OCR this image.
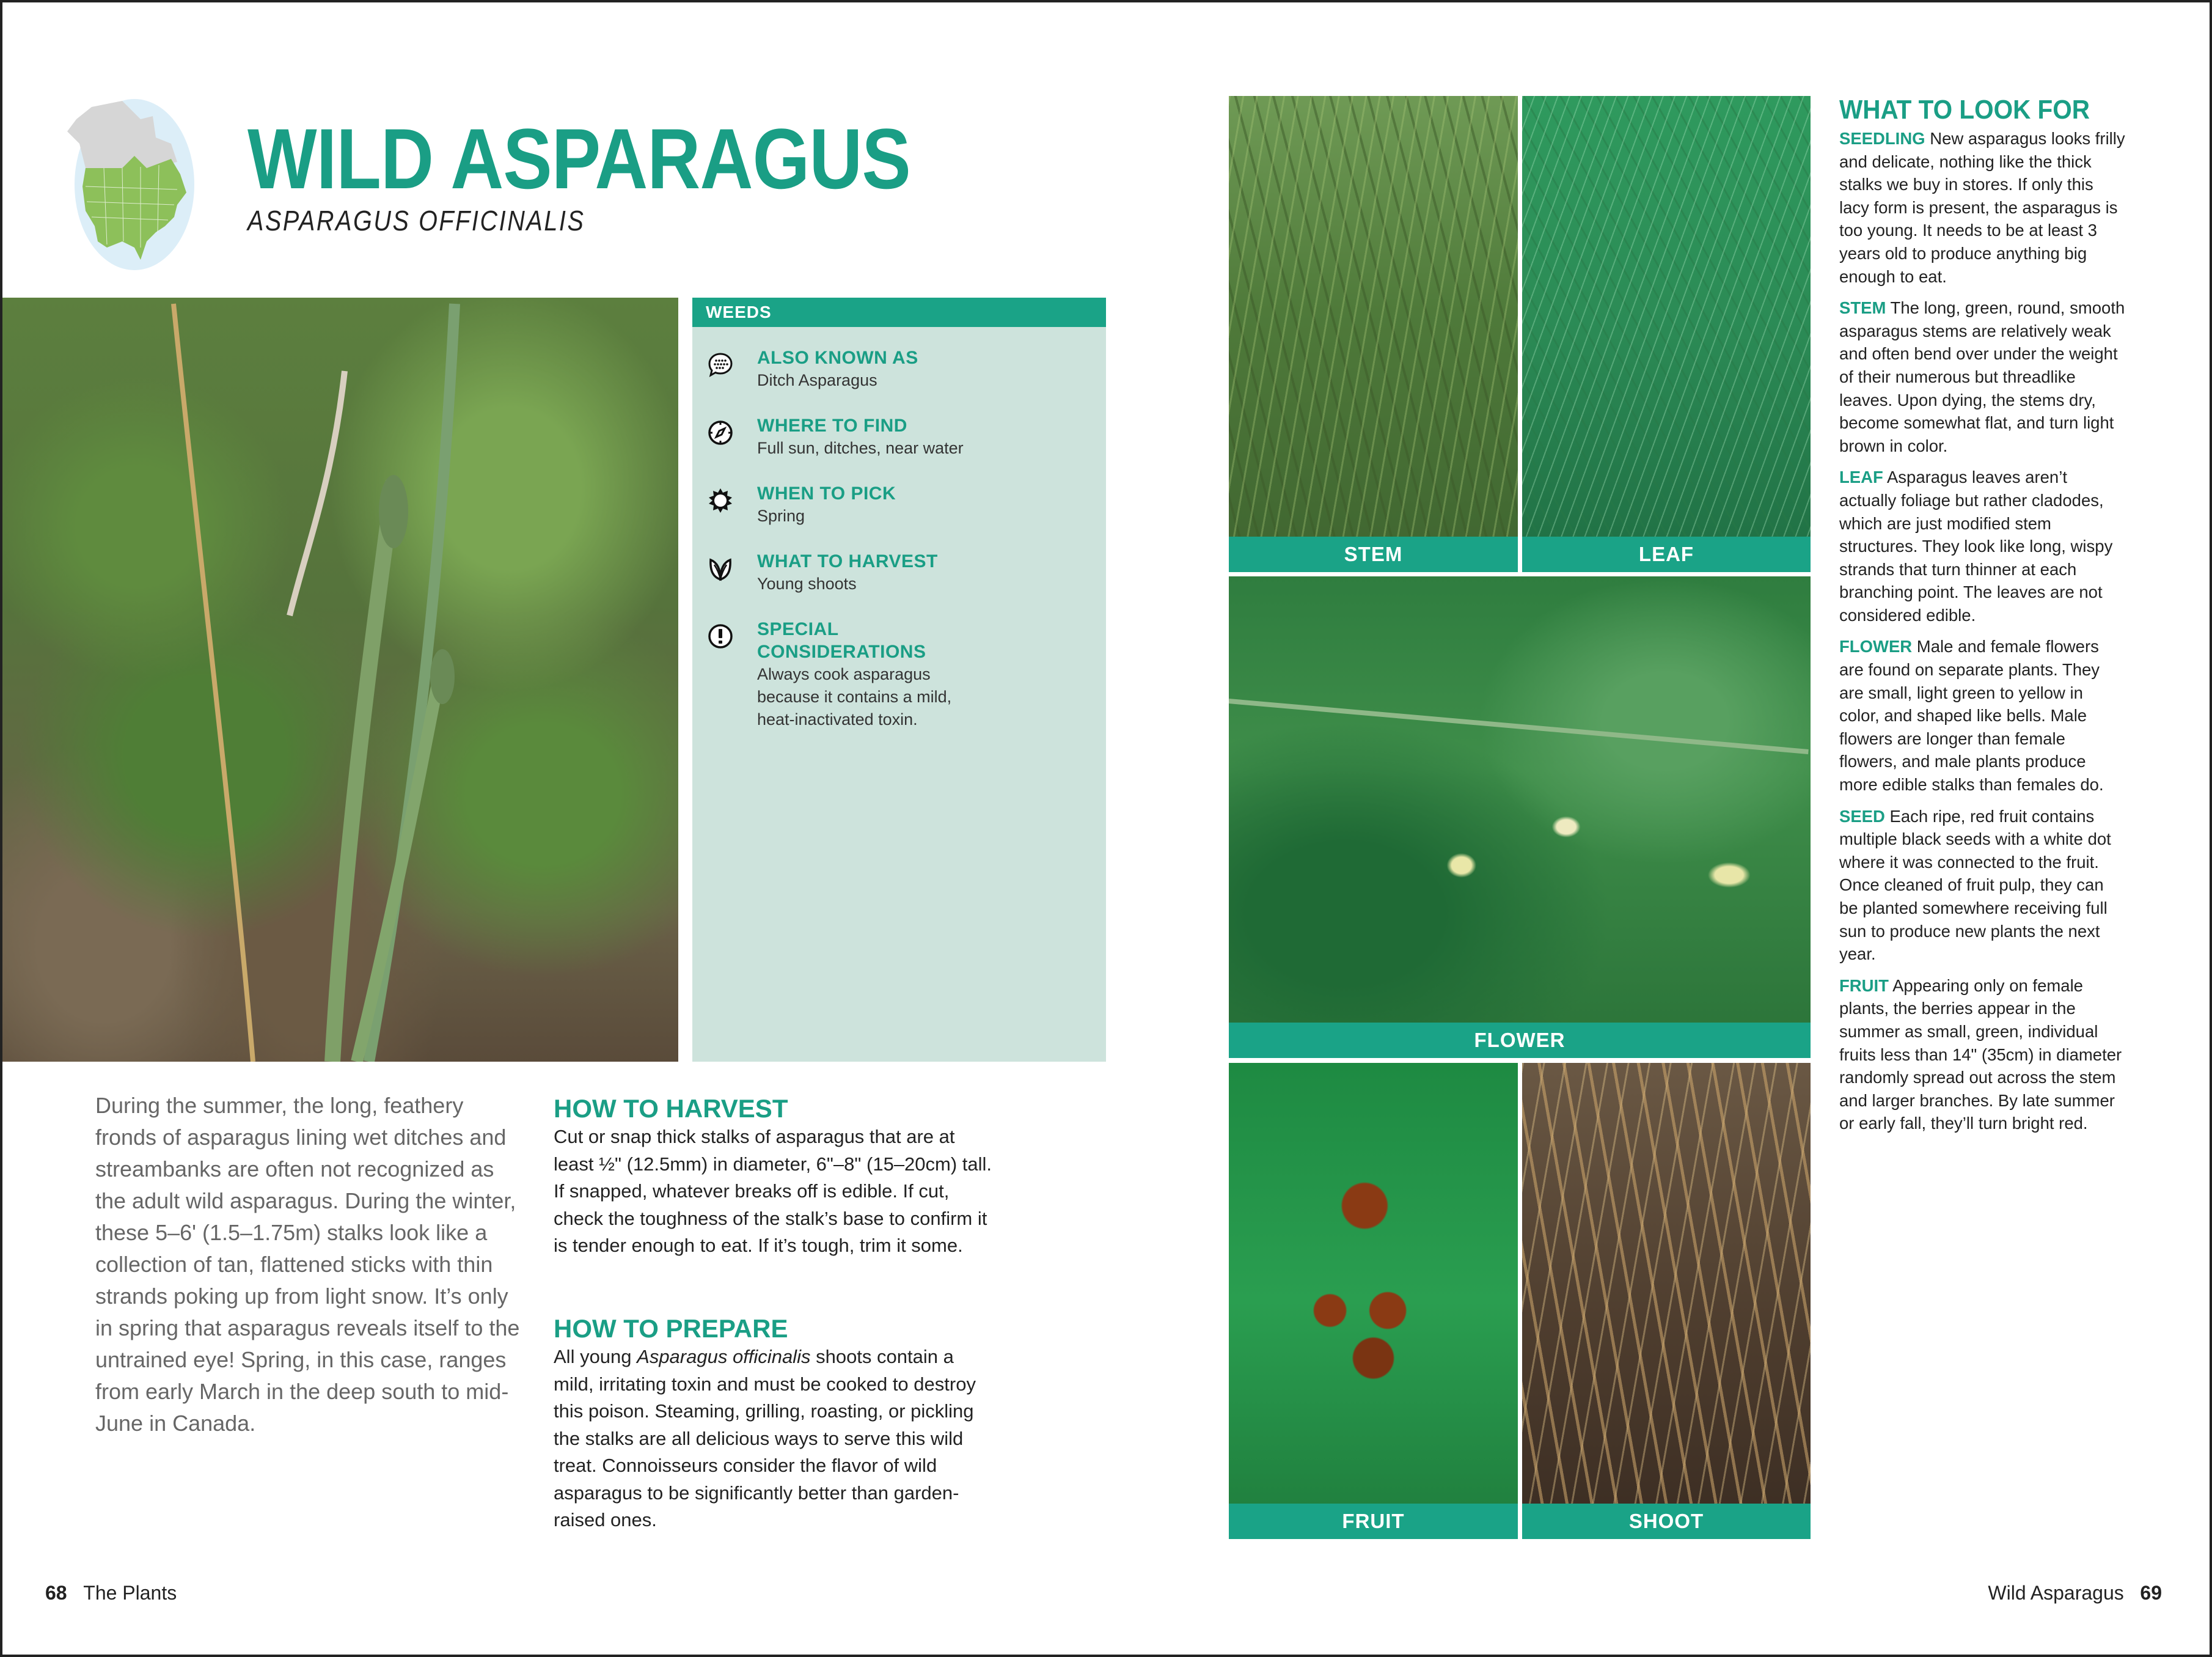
WILD ASPARAGUS
ASPARAGUS OFFICINALIS
WEEDS
ALSO KNOWN AS
Ditch Asparagus
WHERE TO FIND
Full sun, ditches, near water
WHEN TO PICK
Spring
WHAT TO HARVEST
Young shoots
SPECIAL CONSIDERATIONS
Always cook asparagus because it contains a mild, heat-inactivated toxin.
During the summer, the long, feathery fronds of asparagus lining wet ditches and streambanks are often not recognized as the adult wild asparagus. During the winter, these 5–6' (1.5–1.75m) stalks look like a collection of tan, flattened sticks with thin strands poking up from light snow. It’s only in spring that asparagus reveals itself to the untrained eye! Spring, in this case, ranges from early March in the deep south to mid-June in Canada.
HOW TO HARVEST
Cut or snap thick stalks of asparagus that are at least ½" (12.5mm) in diameter, 6"–8" (15–20cm) tall. If snapped, whatever breaks off is edible. If cut, check the toughness of the stalk’s base to confirm it is tender enough to eat. If it’s tough, trim it some.
HOW TO PREPARE
All young Asparagus officinalis shoots contain a mild, irritating toxin and must be cooked to destroy this poison. Steaming, grilling, roasting, or pickling the stalks are all delicious ways to serve this wild treat. Connoisseurs consider the flavor of wild asparagus to be significantly better than garden-raised ones.
STEM	LEAF
FLOWER
FRUIT	SHOOT
WHAT TO LOOK FOR

SEEDLING New asparagus looks frilly and delicate, nothing like the thick stalks we buy in stores. If only this lacy form is present, the asparagus is too young. It needs to be at least 3 years old to produce anything big enough to eat.

STEM The long, green, round, smooth asparagus stems are relatively weak and often bend over under the weight of their numerous but threadlike leaves. Upon dying, the stems dry, become somewhat flat, and turn light brown in color.

LEAF Asparagus leaves aren’t actually foliage but rather cladodes, which are just modified stem structures. They look like long, wispy strands that turn thinner at each branching point. The leaves are not considered edible.

FLOWER Male and female flowers are found on separate plants. They are small, light green to yellow in color, and shaped like bells. Male flowers are longer than female flowers, and male plants produce more edible stalks than females do.

SEED Each ripe, red fruit contains multiple black seeds with a white dot where it was connected to the fruit. Once cleaned of fruit pulp, they can be planted somewhere receiving full sun to produce new plants the next year.

FRUIT Appearing only on female plants, the berries appear in the summer as small, green, individual fruits less than 14" (35cm) in diameter randomly spread out across the stem and larger branches. By late summer or early fall, they’ll turn bright red.

68 The Plants	Wild Asparagus 69
